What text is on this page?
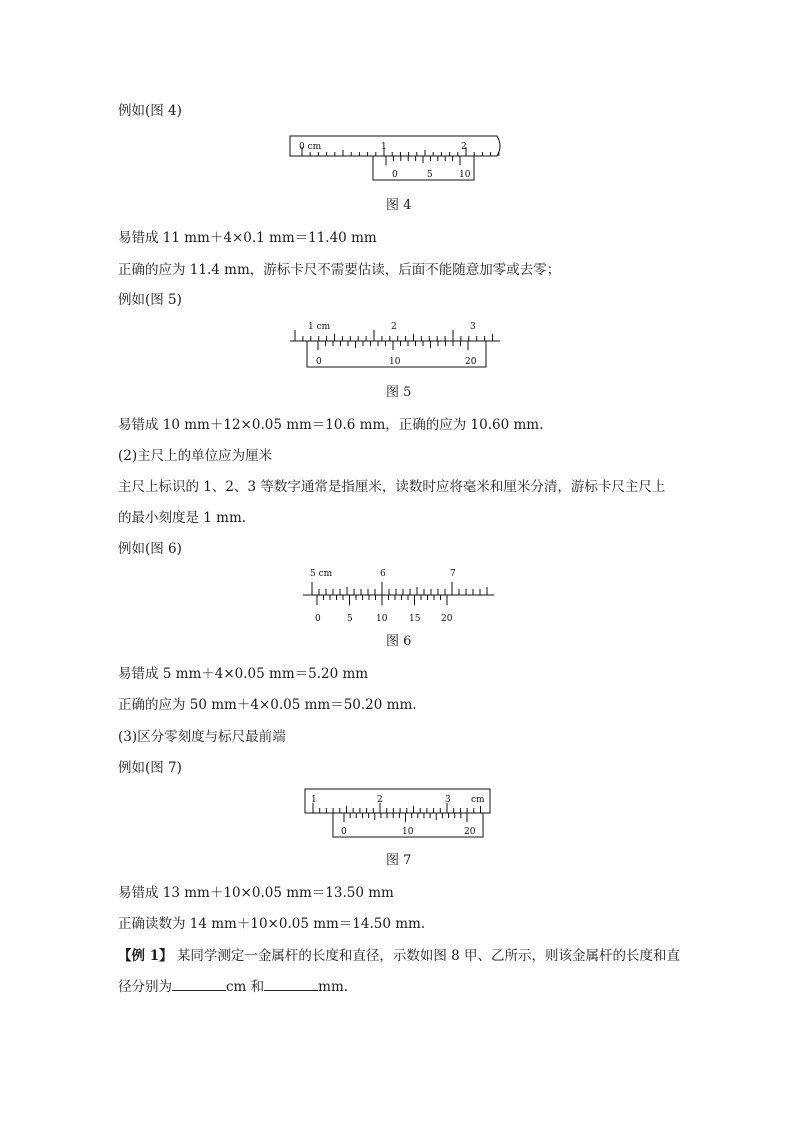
例如(图 4)
0 cm	1	2
0	5	10
图 4
易错成 11 mm＋4×0.1 mm＝11.40 mm
正确的应为 11.4 mm，游标卡尺不需要估读，后面不能随意加零或去零；
例如(图 5)
1 cm	2	3
0	10	20
图 5
易错成 10 mm＋12×0.05 mm＝10.6 mm，正确的应为 10.60 mm.
(2)主尺上的单位应为厘米
主尺上标识的 1、2、3 等数字通常是指厘米，读数时应将毫米和厘米分清，游标卡尺主尺上
的最小刻度是 1 mm.
例如(图 6)
5 cm	6	7
0	5	10 15 20
图 6
易错成 5 mm＋4×0.05 mm＝5.20 mm
正确的应为 50 mm＋4×0.05 mm＝50.20 mm.
(3)区分零刻度与标尺最前端
例如(图 7)
1	2	3 cm
0	10	20
图 7
易错成 13 mm＋10×0.05 mm＝13.50 mm
正确读数为 14 mm＋10×0.05 mm＝14.50 mm.
【例 1】 某同学测定一金属杆的长度和直径，示数如图 8 甲、乙所示，则该金属杆的长度和直
径分别为	cm 和	mm.
